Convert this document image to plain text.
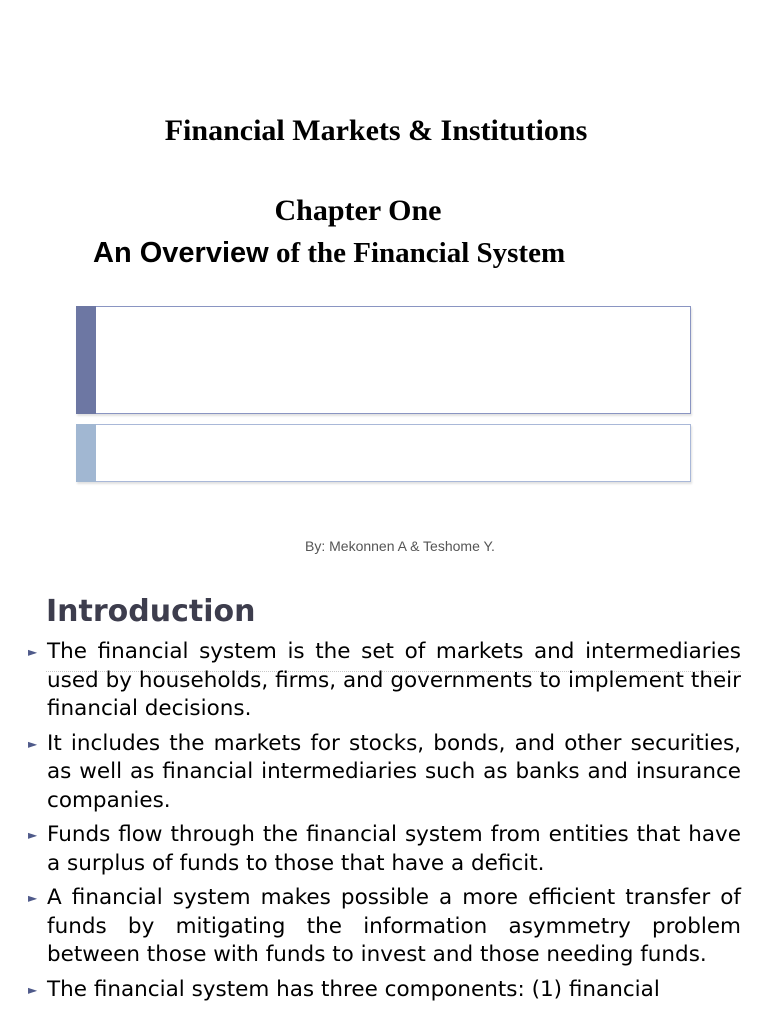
Financial Markets & Institutions
Chapter One
An Overview of the Financial System
By: Mekonnen A & Teshome Y.
Introduction
► The financial system is the set of markets and intermediaries used by households, firms, and governments to implement their financial decisions.
► It includes the markets for stocks, bonds, and other securities, as well as financial intermediaries such as banks and insurance companies.
► Funds flow through the financial system from entities that have a surplus of funds to those that have a deficit.
► A financial system makes possible a more efficient transfer of funds by mitigating the information asymmetry problem between those with funds to invest and those needing funds.
► The financial system has three components: (1) financial
